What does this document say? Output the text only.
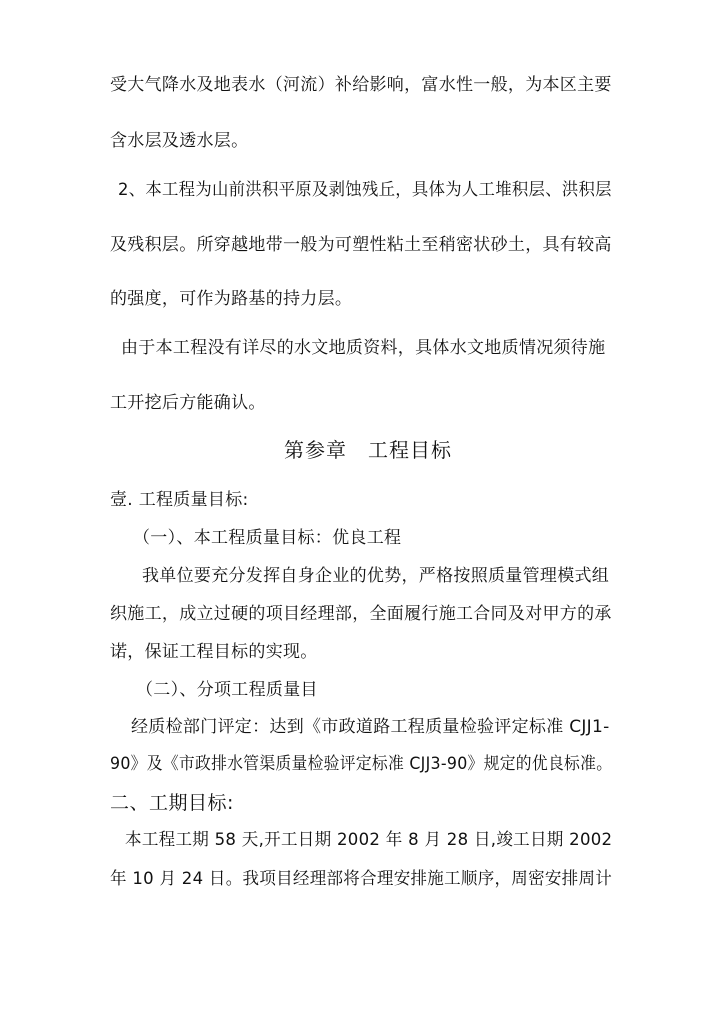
受大气降水及地表水（河流）补给影响，富水性一般，为本区主要
含水层及透水层。
2、本工程为山前洪积平原及剥蚀残丘，具体为人工堆积层、洪积层
及残积层。所穿越地带一般为可塑性粘土至稍密状砂土，具有较高
的强度，可作为路基的持力层。
由于本工程没有详尽的水文地质资料，具体水文地质情况须待施
工开挖后方能确认。
第参章　工程目标
壹. 工程质量目标:
（一）、本工程质量目标：优良工程
我单位要充分发挥自身企业的优势，严格按照质量管理模式组
织施工，成立过硬的项目经理部，全面履行施工合同及对甲方的承
诺，保证工程目标的实现。
（二）、分项工程质量目
经质检部门评定：达到《市政道路工程质量检验评定标准 CJJ1-
90》及《市政排水管渠质量检验评定标准 CJJ3-90》规定的优良标准。
二、工期目标:
本工程工期 58 天,开工日期 2002 年 8 月 28 日,竣工日期 2002
年 10 月 24 日。我项目经理部将合理安排施工顺序，周密安排周计
